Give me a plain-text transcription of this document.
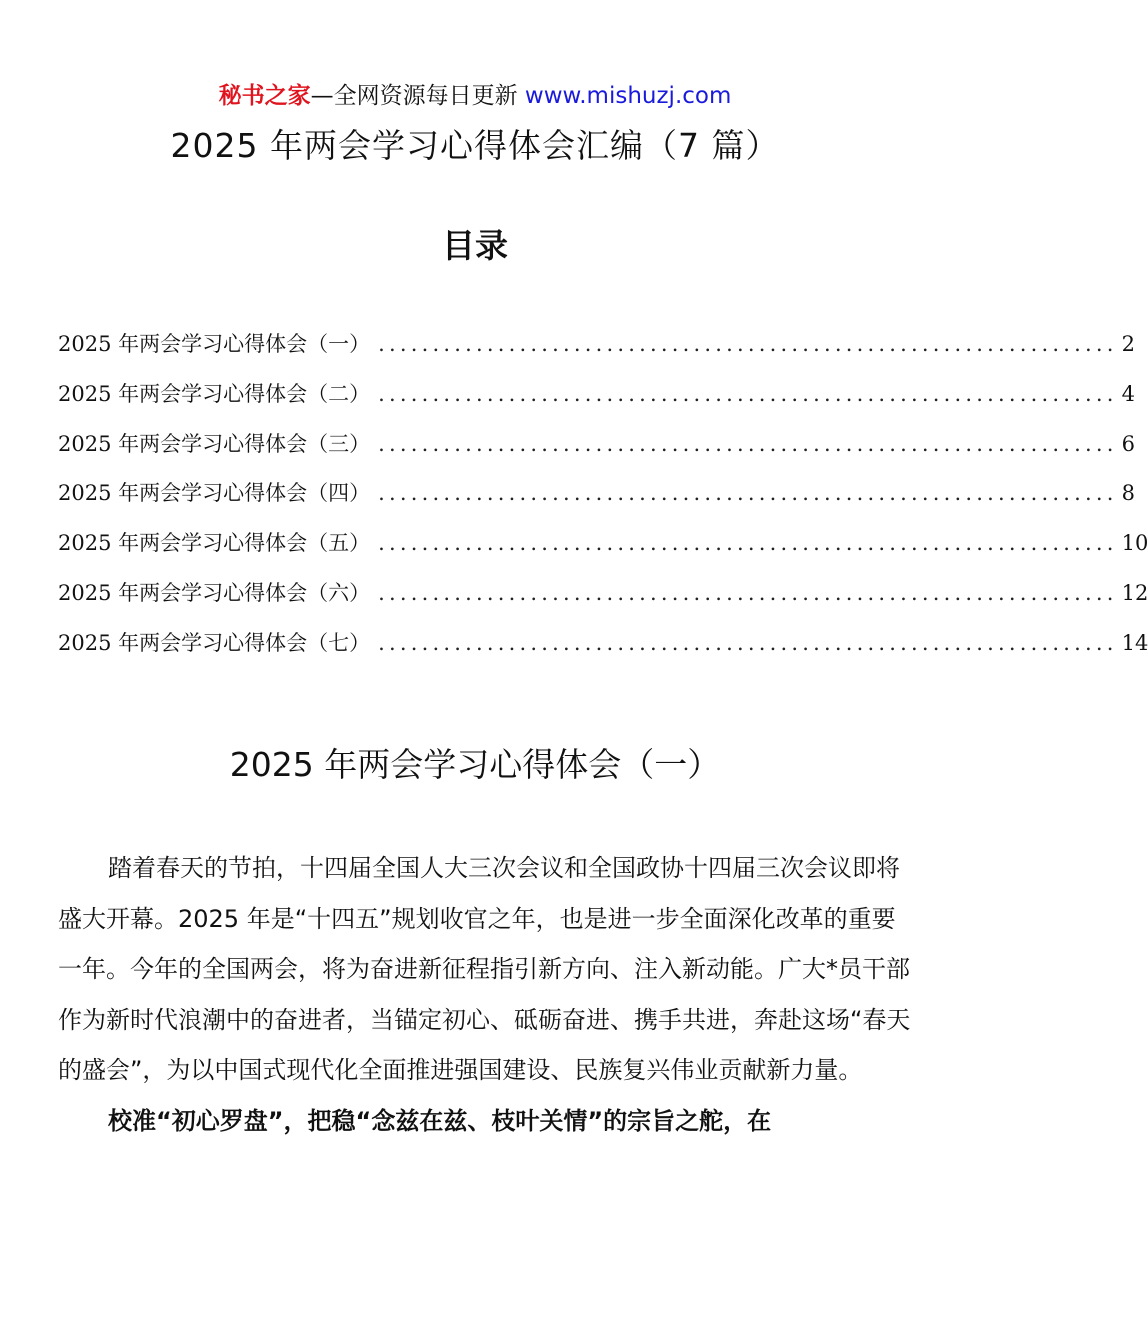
秘书之家—全网资源每日更新 www.mishuzj.com
2025 年两会学习心得体会汇编（7 篇）
目录
2025 年两会学习心得体会（一） .................................................................... 2
2025 年两会学习心得体会（二） .................................................................... 4
2025 年两会学习心得体会（三） .................................................................... 6
2025 年两会学习心得体会（四） .................................................................... 8
2025 年两会学习心得体会（五） .................................................................... 10
2025 年两会学习心得体会（六） .................................................................... 12
2025 年两会学习心得体会（七） .................................................................... 14
2025 年两会学习心得体会（一）

踏着春天的节拍，十四届全国人大三次会议和全国政协十四届三次会议即将盛大开幕。2025 年是“十四五”规划收官之年，也是进一步全面深化改革的重要一年。今年的全国两会，将为奋进新征程指引新方向、注入新动能。广大*员干部作为新时代浪潮中的奋进者，当锚定初心、砥砺奋进、携手共进，奔赴这场“春天的盛会”，为以中国式现代化全面推进强国建设、民族复兴伟业贡献新力量。

校准“初心罗盘”，把稳“念兹在兹、枝叶关情”的宗旨之舵，在
